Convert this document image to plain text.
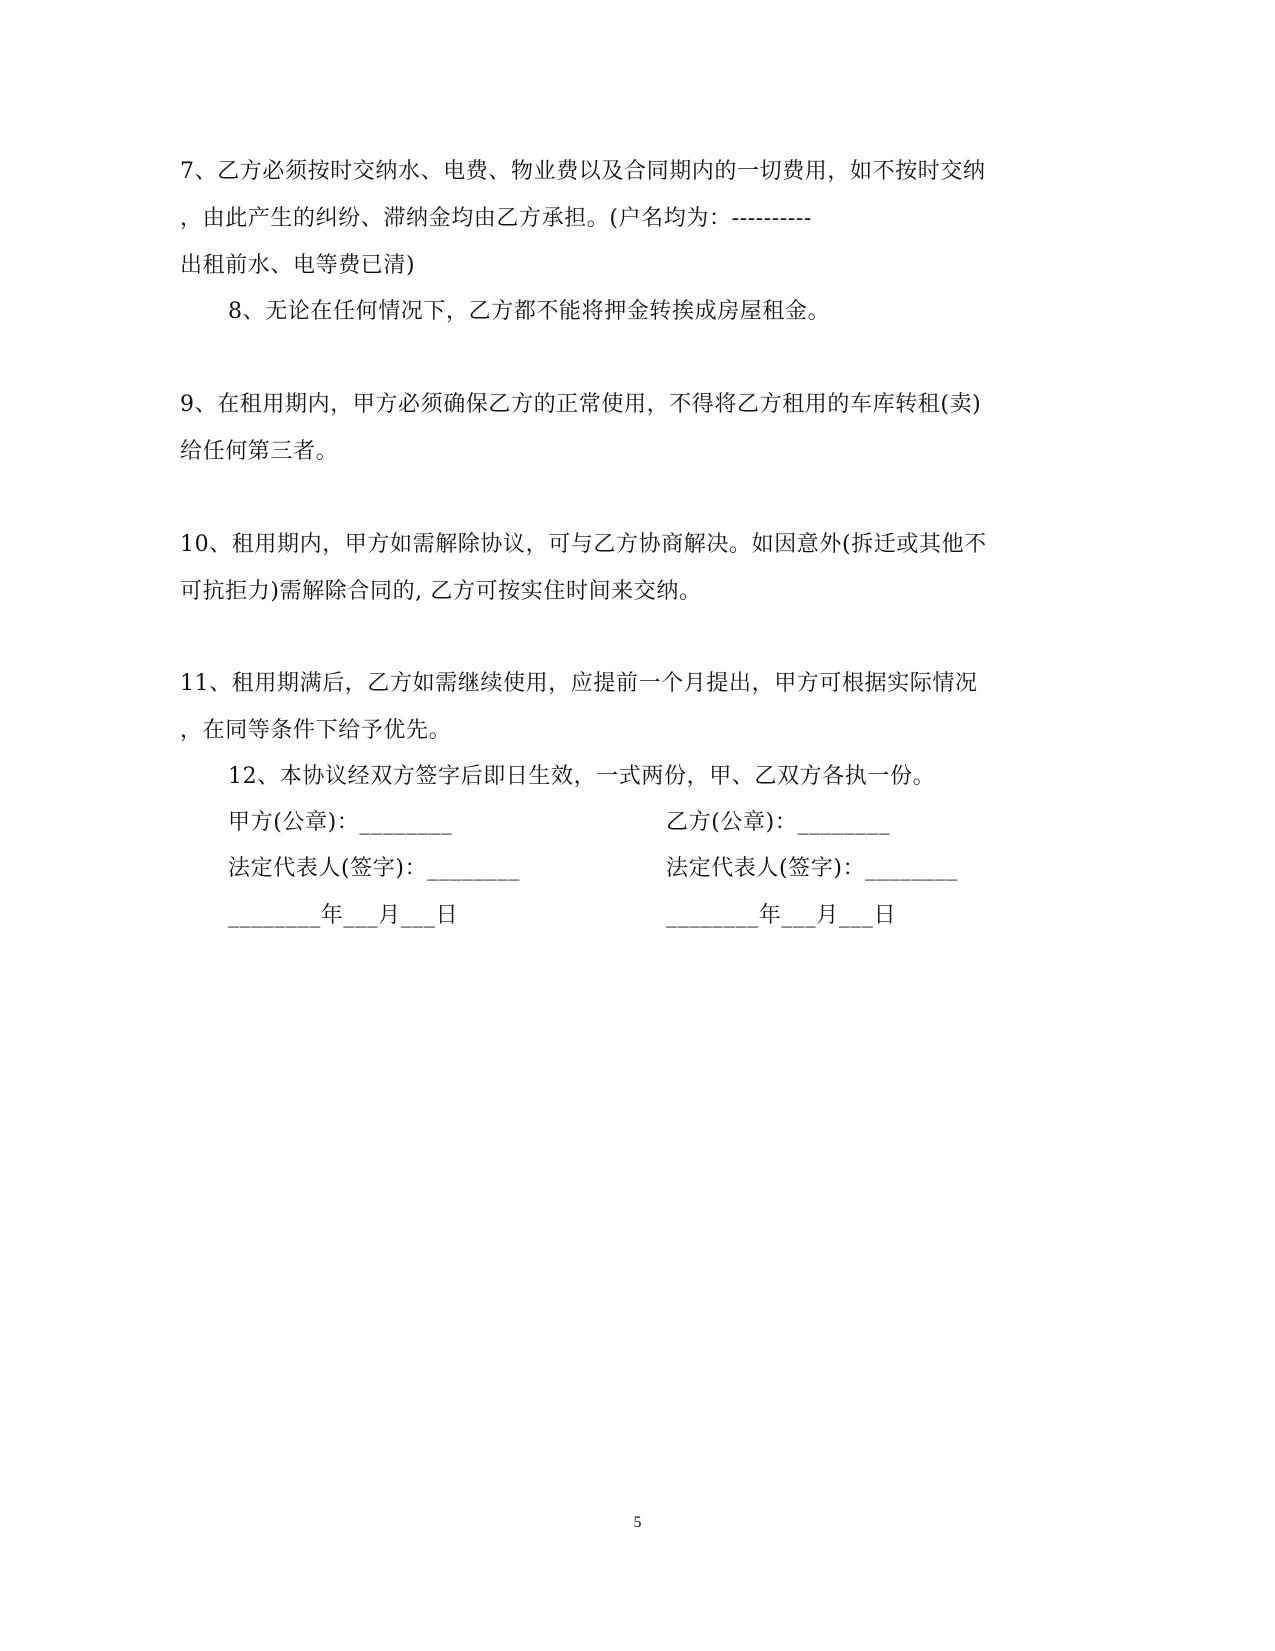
7、乙方必须按时交纳水、电费、物业费以及合同期内的一切费用，如不按时交纳
，由此产生的纠纷、滞纳金均由乙方承担。(户名均为：----------
出租前水、电等费已清)
8、无论在任何情况下，乙方都不能将押金转挨成房屋租金。
9、在租用期内，甲方必须确保乙方的正常使用，不得将乙方租用的车库转租(卖)
给任何第三者。
10、租用期内，甲方如需解除协议，可与乙方协商解决。如因意外(拆迁或其他不
可抗拒力)需解除合同的, 乙方可按实住时间来交纳。
11、租用期满后，乙方如需继续使用，应提前一个月提出，甲方可根据实际情况
，在同等条件下给予优先。
12、本协议经双方签字后即日生效，一式两份，甲、乙双方各执一份。
甲方(公章)：________
法定代表人(签字)：________
________年___月___日
乙方(公章)：________
法定代表人(签字)：________
________年___月___日
5
